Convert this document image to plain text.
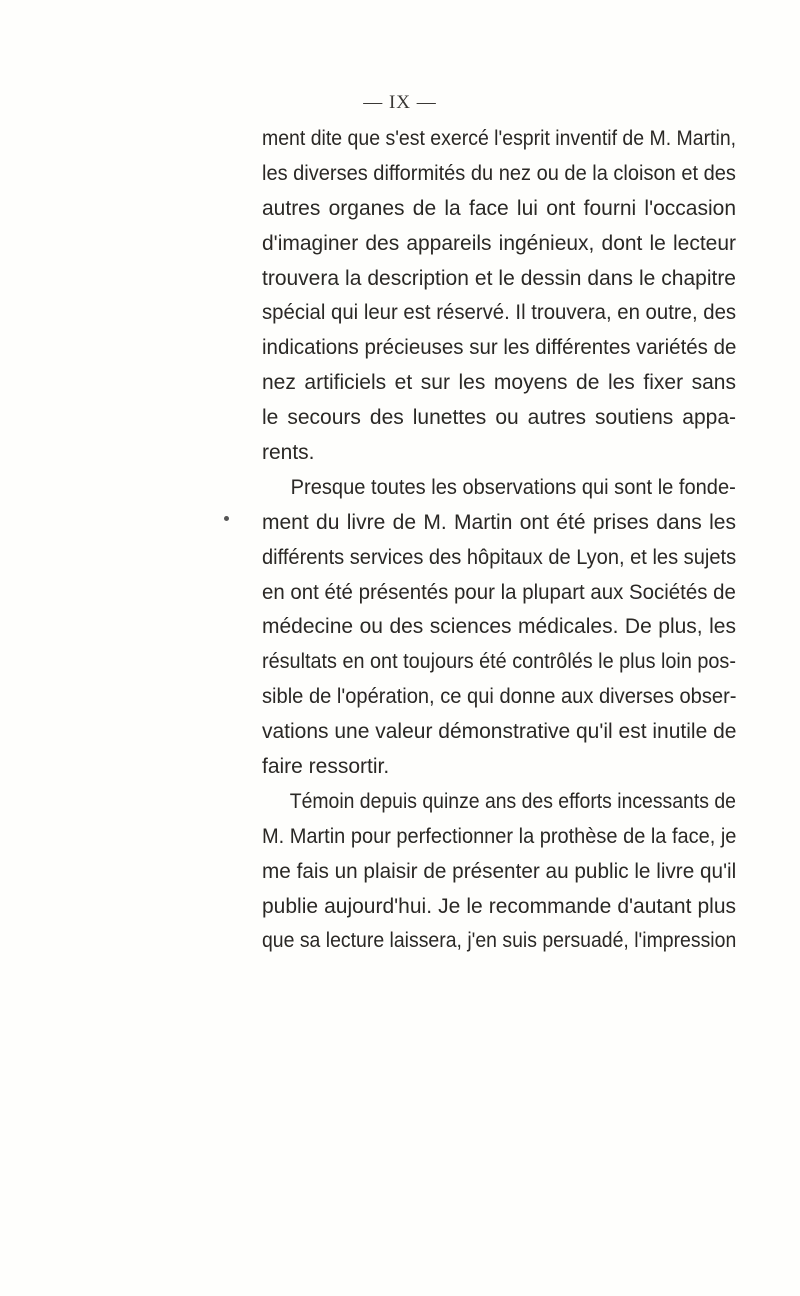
— IX —
ment dite que s'est exercé l'esprit inventif de M. Martin,
les diverses difformités du nez ou de la cloison et des
autres organes de la face lui ont fourni l'occasion
d'imaginer des appareils ingénieux, dont le lecteur
trouvera la description et le dessin dans le chapitre
spécial qui leur est réservé. Il trouvera, en outre, des
indications précieuses sur les différentes variétés de
nez artificiels et sur les moyens de les fixer sans
le secours des lunettes ou autres soutiens appa-
rents.
Presque toutes les observations qui sont le fonde-
ment du livre de M. Martin ont été prises dans les
différents services des hôpitaux de Lyon, et les sujets
en ont été présentés pour la plupart aux Sociétés de
médecine ou des sciences médicales. De plus, les
résultats en ont toujours été contrôlés le plus loin pos-
sible de l'opération, ce qui donne aux diverses obser-
vations une valeur démonstrative qu'il est inutile de
faire ressortir.
Témoin depuis quinze ans des efforts incessants de
M. Martin pour perfectionner la prothèse de la face, je
me fais un plaisir de présenter au public le livre qu'il
publie aujourd'hui. Je le recommande d'autant plus
que sa lecture laissera, j'en suis persuadé, l'impression
